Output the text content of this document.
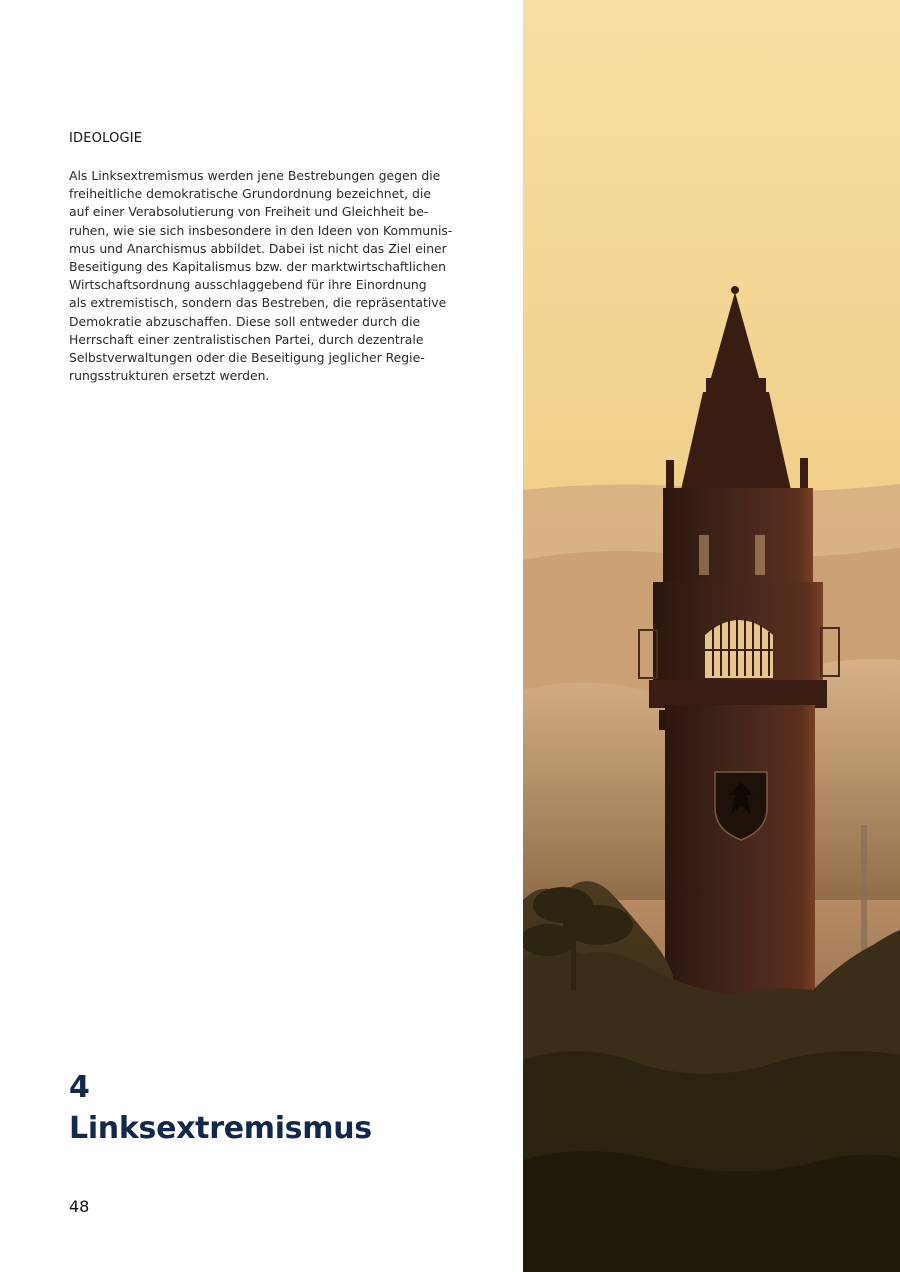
IDEOLOGIE

Als Linksextremismus werden jene Bestrebungen gegen die
freiheitliche demokratische Grundordnung bezeichnet, die
auf einer Verabsolutierung von Freiheit und Gleichheit be-
ruhen, wie sie sich insbesondere in den Ideen von Kommunis-
mus und Anarchismus abbildet. Dabei ist nicht das Ziel einer
Beseitigung des Kapitalismus bzw. der marktwirtschaftlichen
Wirtschaftsordnung ausschlaggebend für ihre Einordnung
als extremistisch, sondern das Bestreben, die repräsentative
Demokratie abzuschaffen. Diese soll entweder durch die
Herrschaft einer zentralistischen Partei, durch dezentrale
Selbstverwaltungen oder die Beseitigung jeglicher Regie-
rungsstrukturen ersetzt werden.

4
Linksextremismus
48
